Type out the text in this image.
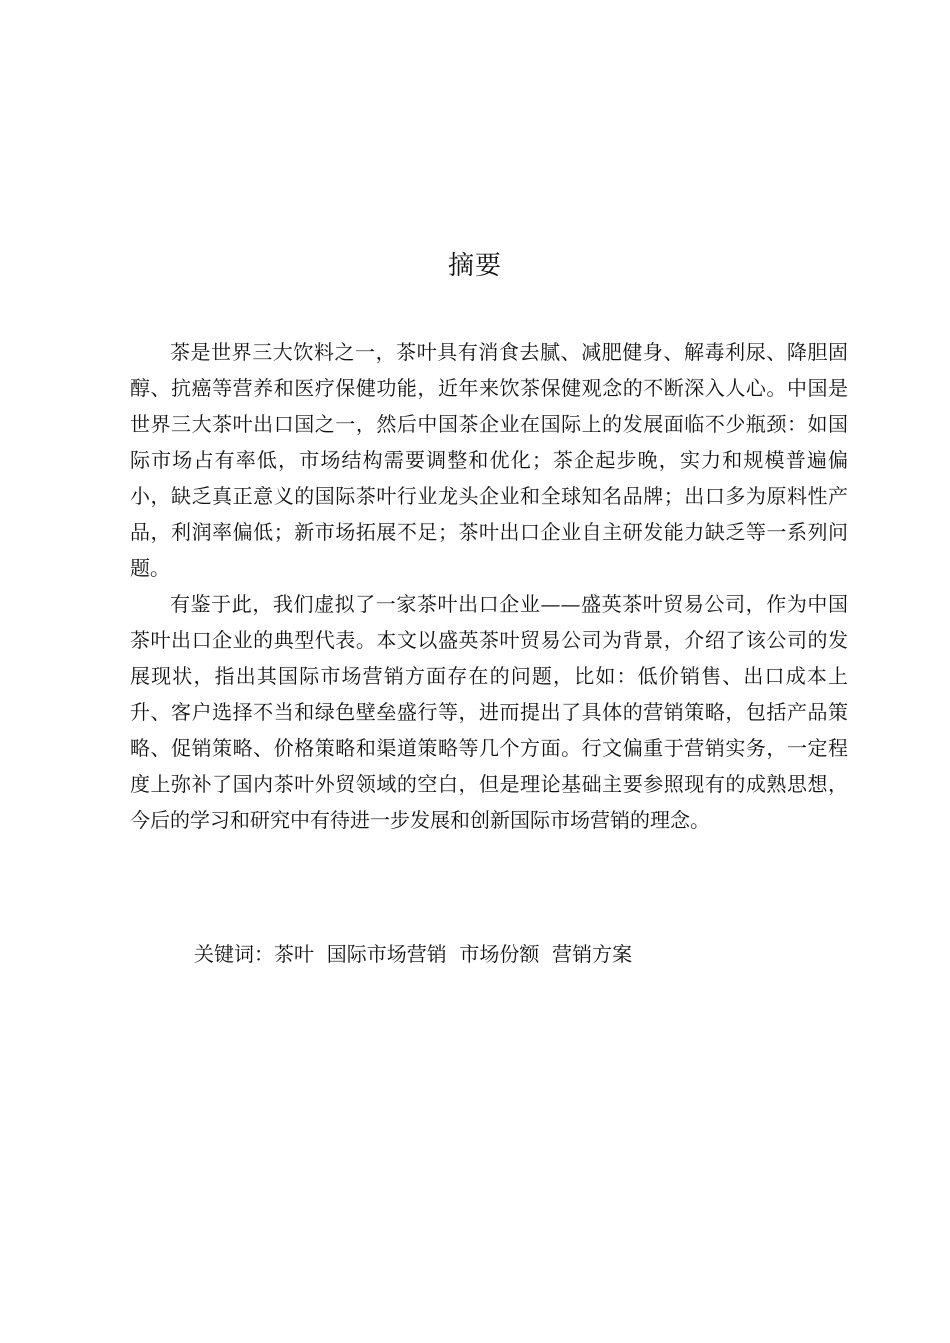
摘要

茶是世界三大饮料之一，茶叶具有消食去腻、减肥健身、解毒利尿、降胆固醇、抗癌等营养和医疗保健功能，近年来饮茶保健观念的不断深入人心。中国是世界三大茶叶出口国之一，然后中国茶企业在国际上的发展面临不少瓶颈：如国际市场占有率低，市场结构需要调整和优化；茶企起步晚，实力和规模普遍偏小，缺乏真正意义的国际茶叶行业龙头企业和全球知名品牌；出口多为原料性产品，利润率偏低；新市场拓展不足；茶叶出口企业自主研发能力缺乏等一系列问题。

有鉴于此，我们虚拟了一家茶叶出口企业——盛英茶叶贸易公司，作为中国茶叶出口企业的典型代表。本文以盛英茶叶贸易公司为背景，介绍了该公司的发展现状，指出其国际市场营销方面存在的问题，比如：低价销售、出口成本上升、客户选择不当和绿色壁垒盛行等，进而提出了具体的营销策略，包括产品策略、促销策略、价格策略和渠道策略等几个方面。行文偏重于营销实务，一定程度上弥补了国内茶叶外贸领域的空白，但是理论基础主要参照现有的成熟思想，今后的学习和研究中有待进一步发展和创新国际市场营销的理念。

关键词：茶叶  国际市场营销  市场份额  营销方案
